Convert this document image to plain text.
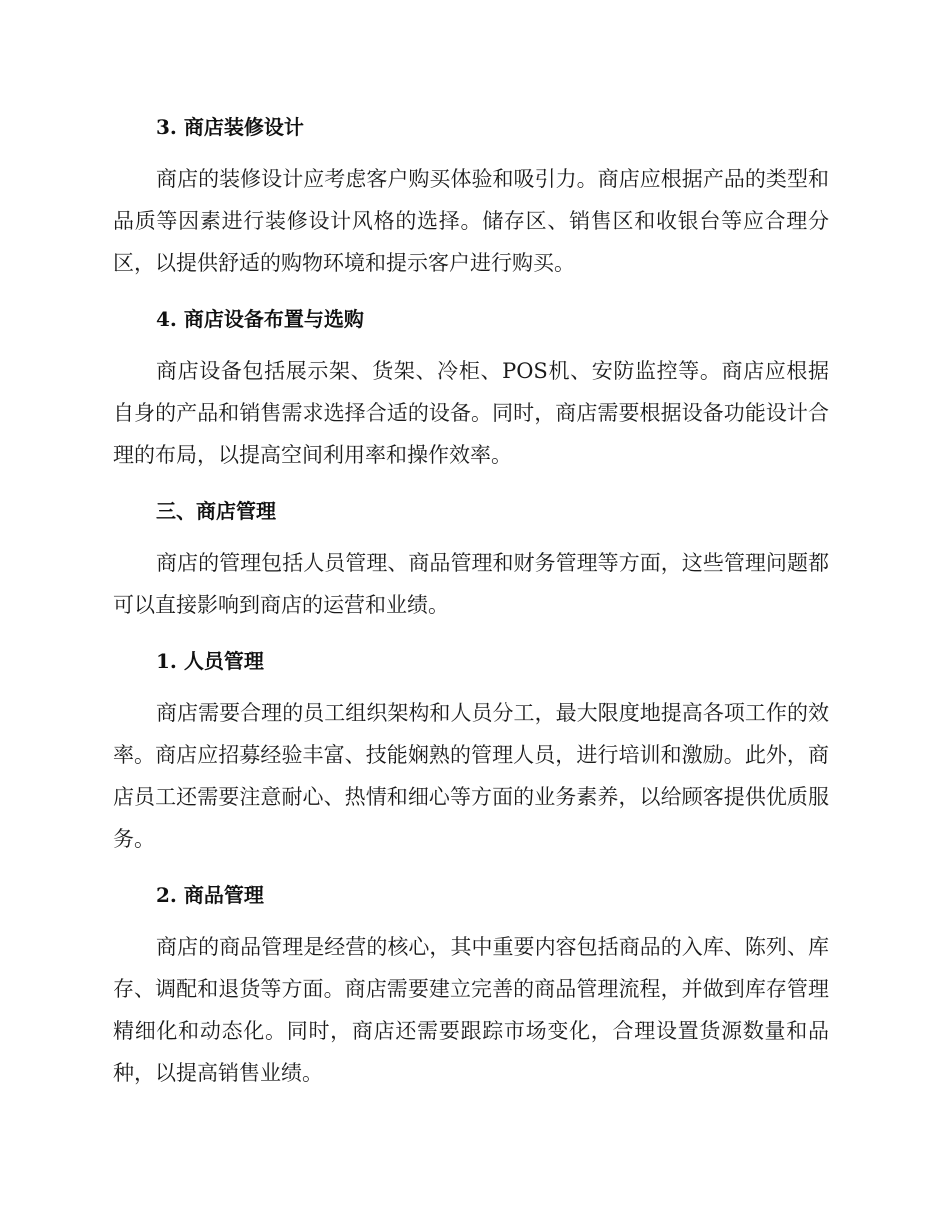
3. 商店装修设计

商店的装修设计应考虑客户购买体验和吸引力。商店应根据产品的类型和品质等因素进行装修设计风格的选择。储存区、销售区和收银台等应合理分区，以提供舒适的购物环境和提示客户进行购买。

4. 商店设备布置与选购

商店设备包括展示架、货架、冷柜、POS机、安防监控等。商店应根据自身的产品和销售需求选择合适的设备。同时，商店需要根据设备功能设计合理的布局，以提高空间利用率和操作效率。

三、商店管理

商店的管理包括人员管理、商品管理和财务管理等方面，这些管理问题都可以直接影响到商店的运营和业绩。

1. 人员管理

商店需要合理的员工组织架构和人员分工，最大限度地提高各项工作的效率。商店应招募经验丰富、技能娴熟的管理人员，进行培训和激励。此外，商店员工还需要注意耐心、热情和细心等方面的业务素养，以给顾客提供优质服务。

2. 商品管理

商店的商品管理是经营的核心，其中重要内容包括商品的入库、陈列、库存、调配和退货等方面。商店需要建立完善的商品管理流程，并做到库存管理精细化和动态化。同时，商店还需要跟踪市场变化，合理设置货源数量和品种，以提高销售业绩。
